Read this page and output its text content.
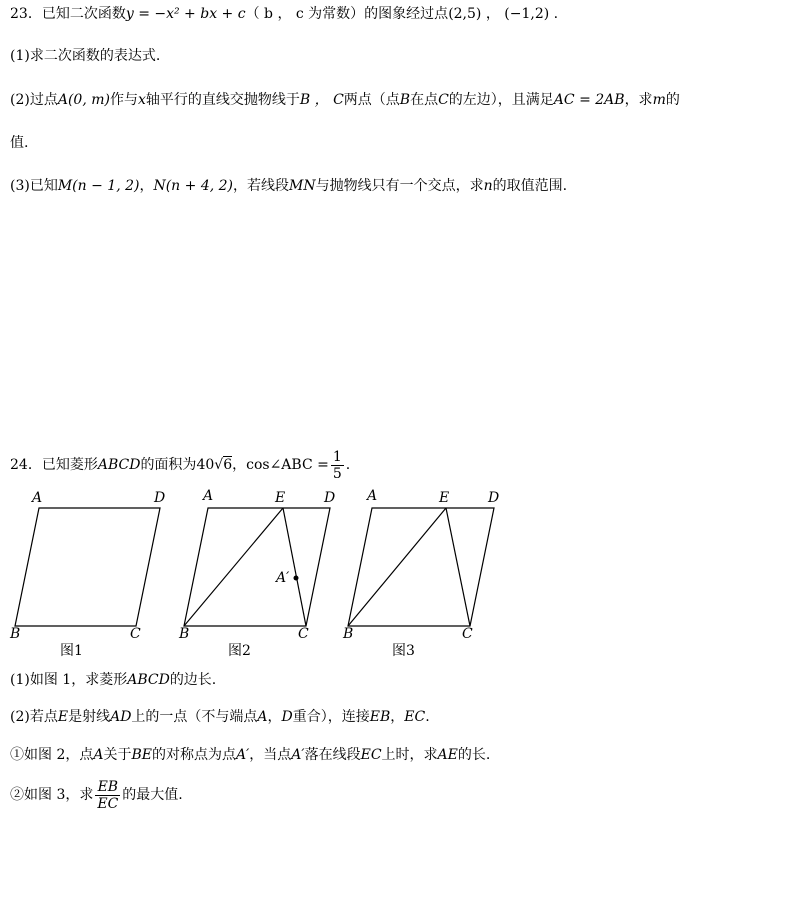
23．已知二次函数y = −x² + bx + c（ b ， c 为常数）的图象经过点(2,5) ， (−1,2) .
(1)求二次函数的表达式.
(2)过点A(0, m)作与x轴平行的直线交抛物线于B ， C两点（点B在点C的左边），且满足AC = 2AB，求m的
值.
(3)已知M(n − 1, 2)，N(n + 4, 2)，若线段MN与抛物线只有一个交点，求n的取值范围.
24．已知菱形ABCD的面积为40√6，cos∠ABC = $\frac{1}{5}$ .
A	D
B	C
图1
A	E	D
A′
B	C
图2
A	E	D
B	C
图3
(1)如图 1，求菱形ABCD的边长.
(2)若点E是射线AD上的一点（不与端点A，D重合），连接EB，EC.
①如图 2，点A关于BE的对称点为点A′，当点A′落在线段EC上时，求AE的长.
②如图 3，求 $\frac{EB}{EC}$ 的最大值.
